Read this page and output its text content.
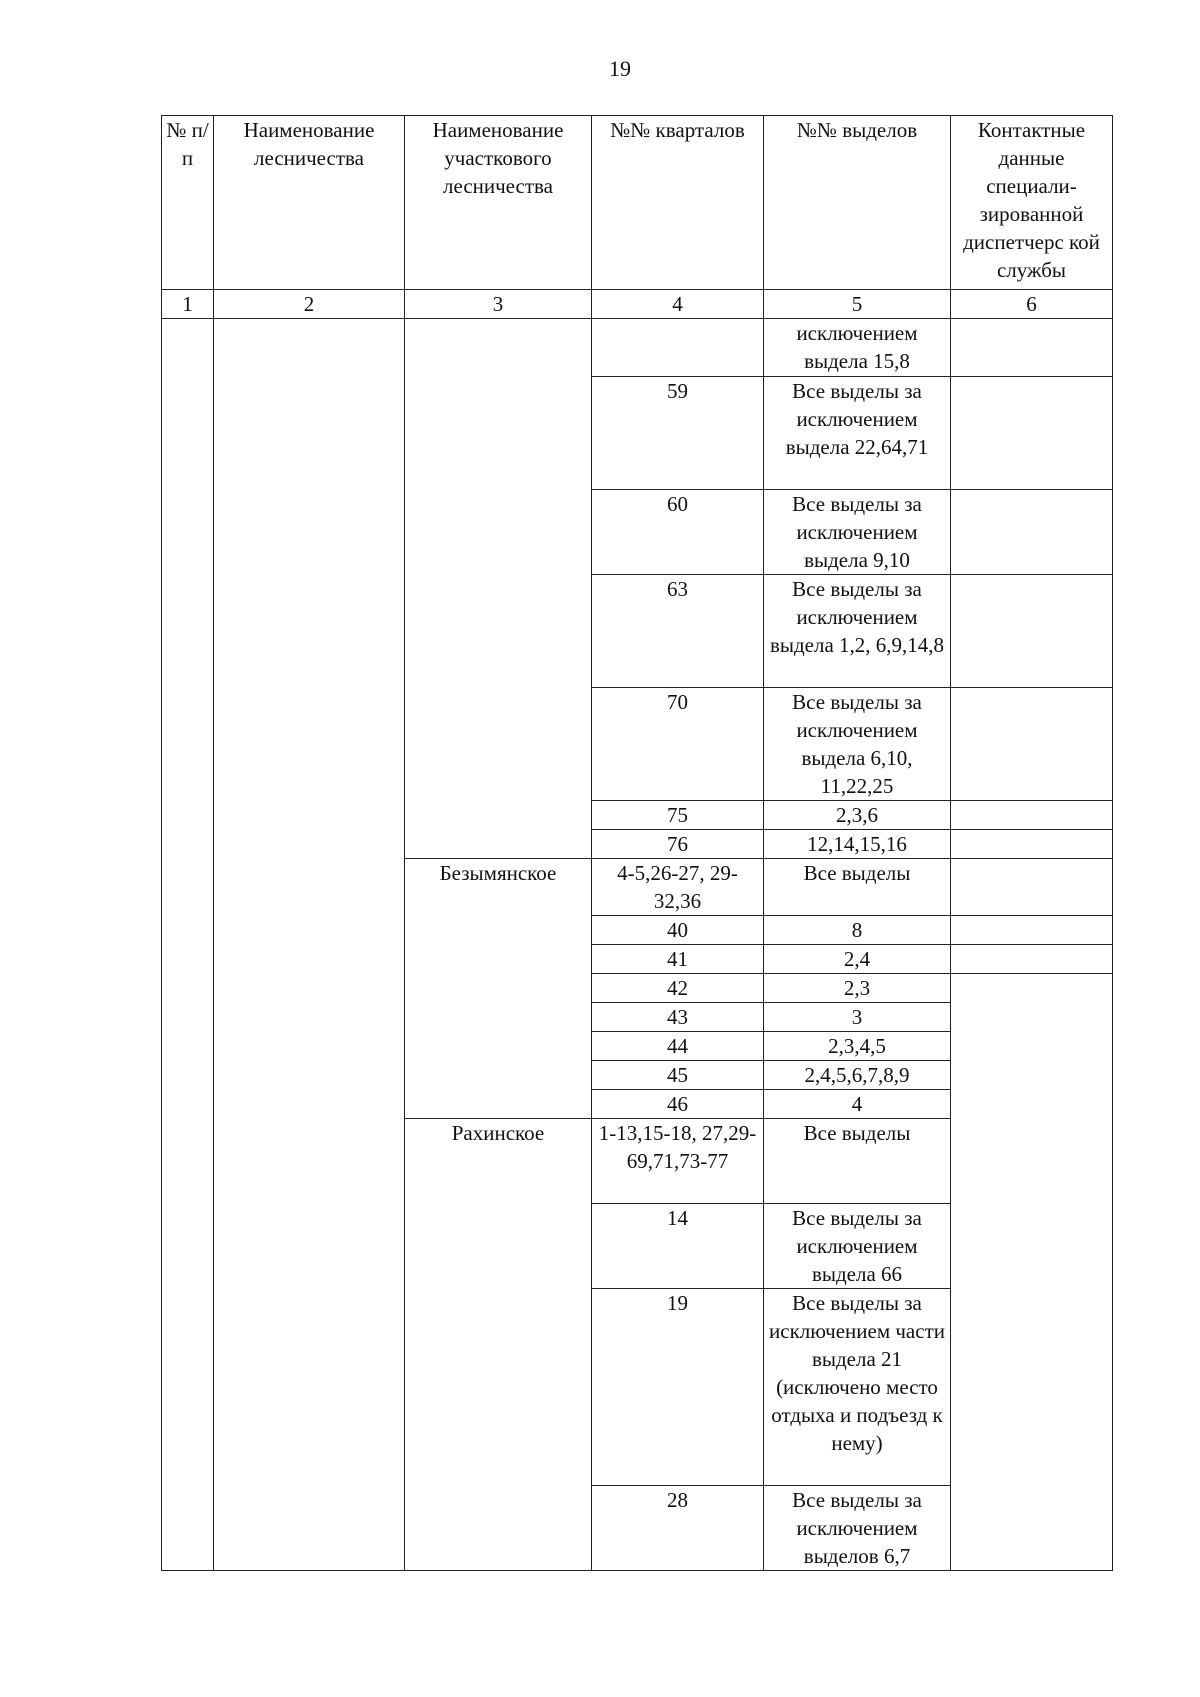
19
№ п/п	Наименование лесничества	Наименование участкового лесничества	№№ кварталов	№№ выделов	Контактные данные специали- зированной диспетчерс кой службы
1	2	3	4	5	6
				исключением выдела 15,8	
			59	Все выделы за исключением выдела 22,64,71	
			60	Все выделы за исключением выдела 9,10	
			63	Все выделы за исключением выдела 1,2, 6,9,14,8	
			70	Все выделы за исключением выдела 6,10, 11,22,25	
			75	2,3,6	
			76	12,14,15,16	
		Безымянское	4-5,26-27, 29-32,36	Все выделы	
			40	8	
			41	2,4	
			42	2,3	
			43	3	
			44	2,3,4,5	
			45	2,4,5,6,7,8,9	
			46	4	
		Рахинское	1-13,15-18, 27,29- 69,71,73-77	Все выделы	
			14	Все выделы за исключением выдела 66	
			19	Все выделы за исключением части выдела 21 (исключено место отдыха и подъезд к нему)	
			28	Все выделы за исключением выделов 6,7	
